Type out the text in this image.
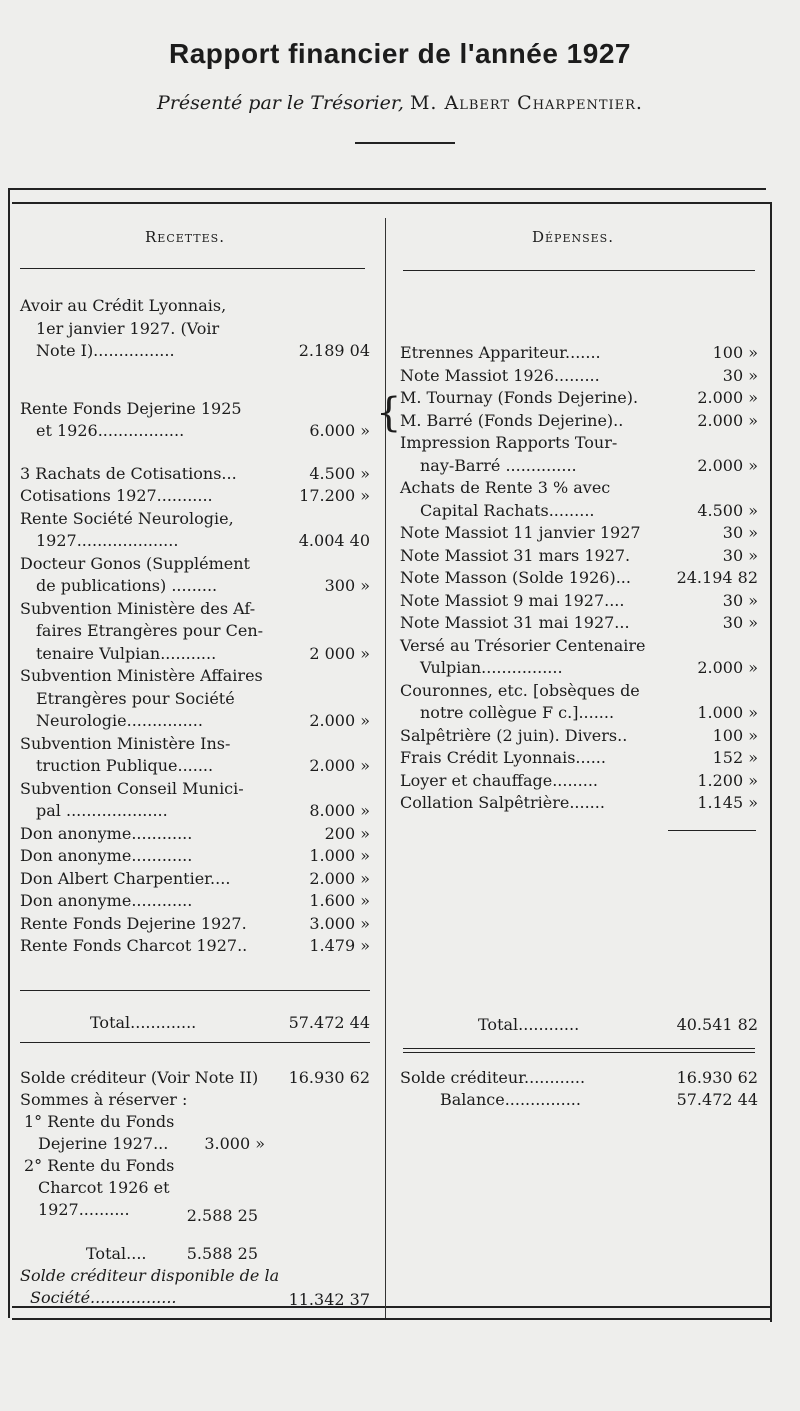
Rapport financier de l'année 1927
Présenté par le Trésorier, M. Albert Charpentier.
Recettes.	Dépenses.
Avoir au Crédit Lyonnais,
1er janvier 1927. (Voir
Note I)................	2.189 04
Rente Fonds Dejerine 1925
et 1926.................	6.000 »
3 Rachats de Cotisations...	4.500 »
Cotisations 1927...........	17.200 »
Rente Société Neurologie,
1927....................	4.004 40
Docteur Gonos (Supplément
de publications) .........	300 »
Subvention Ministère des Af-
faires Etrangères pour Cen-
tenaire Vulpian...........	2 000 »
Subvention Ministère Affaires
Etrangères pour Société
Neurologie...............	2.000 »
Subvention Ministère Ins-
truction Publique.......	2.000 »
Subvention Conseil Munici-
pal ....................	8.000 »
Don anonyme............	200 »
Don anonyme............	1.000 »
Don Albert Charpentier....	2.000 »
Don anonyme............	1.600 »
Rente Fonds Dejerine 1927.	3.000 »
Rente Fonds Charcot 1927..	1.479 »
Etrennes Appariteur.......	100 »
Note Massiot 1926.........	30 »
M. Tournay (Fonds Dejerine).	2.000 »
M. Barré (Fonds Dejerine)..	2.000 »
Impression Rapports Tour-
nay-Barré ..............	2.000 »
Achats de Rente 3 % avec
Capital Rachats.........	4.500 »
Note Massiot 11 janvier 1927	30 »
Note Massiot 31 mars 1927.	30 »
Note Masson (Solde 1926)...	24.194 82
Note Massiot 9 mai 1927....	30 »
Note Massiot 31 mai 1927...	30 »
Versé au Trésorier Centenaire
Vulpian................	2.000 »
Couronnes, etc. [obsèques de
notre collègue F c.].......	1.000 »
Salpêtrière (2 juin). Divers..	100 »
Frais Crédit Lyonnais......	152 »
Loyer et chauffage.........	1.200 »
Collation Salpêtrière.......	1.145 »
Total.............	57.472 44	Total............	40.541 82
Solde créditeur (Voir Note II) 16.930 62
Sommes à réserver :
1° Rente du Fonds
Dejerine 1927... 3.000 »
2° Rente du Fonds
Charcot 1926 et
1927..........	2.588 25
Total....	5.588 25
Solde créditeur disponible de la
Société.................	11.342 37
Solde créditeur............	16.930 62
Balance...............	57.472 44
{
